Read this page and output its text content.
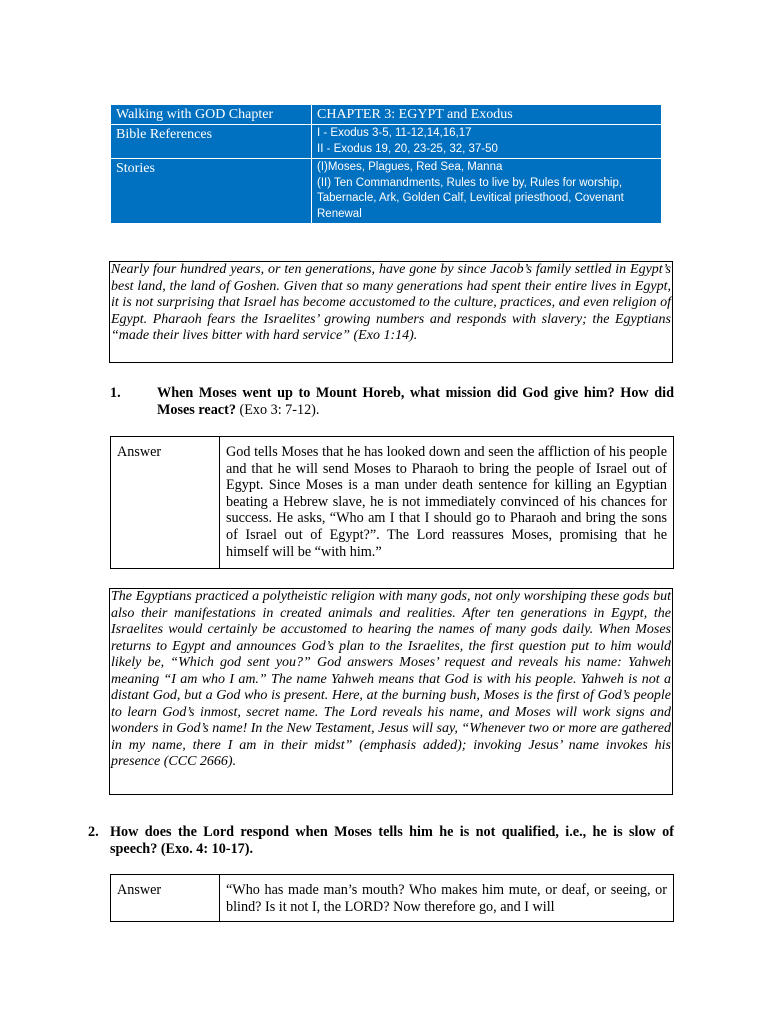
Walking with GOD Chapter	CHAPTER 3: EGYPT and Exodus
Bible References	I - Exodus 3-5, 11-12,14,16,17
II - Exodus 19, 20, 23-25, 32, 37-50

Stories	(I)Moses, Plagues, Red Sea, Manna
(II) Ten Commandments, Rules to live by, Rules for worship,
Tabernacle, Ark, Golden Calf, Levitical priesthood, Covenant
Renewal
Nearly four hundred years, or ten generations, have gone by since Jacob’s family settled in Egypt’s best land, the land of Goshen. Given that so many generations had spent their entire lives in Egypt, it is not surprising that Israel has become accustomed to the culture, practices, and even religion of Egypt. Pharaoh fears the Israelites’ growing numbers and responds with slavery; the Egyptians “made their lives bitter with hard service” (Exo 1:14).
1.	When Moses went up to Mount Horeb, what mission did God give him? How did Moses react? (Exo 3: 7-12).
Answer	God tells Moses that he has looked down and seen the affliction of his people and that he will send Moses to Pharaoh to bring the people of Israel out of Egypt. Since Moses is a man under death sentence for killing an Egyptian beating a Hebrew slave, he is not immediately convinced of his chances for success. He asks, “Who am I that I should go to Pharaoh and bring the sons of Israel out of Egypt?”. The Lord reassures Moses, promising that he himself will be “with him.”
The Egyptians practiced a polytheistic religion with many gods, not only worshiping these gods but also their manifestations in created animals and realities. After ten generations in Egypt, the Israelites would certainly be accustomed to hearing the names of many gods daily. When Moses returns to Egypt and announces God’s plan to the Israelites, the first question put to him would likely be, “Which god sent you?” God answers Moses’ request and reveals his name: Yahweh meaning “I am who I am.” The name Yahweh means that God is with his people. Yahweh is not a distant God, but a God who is present. Here, at the burning bush, Moses is the first of God’s people to learn God’s inmost, secret name. The Lord reveals his name, and Moses will work signs and wonders in God’s name! In the New Testament, Jesus will say, “Whenever two or more are gathered in my name, there I am in their midst” (emphasis added); invoking Jesus’ name invokes his presence (CCC 2666).
2. How does the Lord respond when Moses tells him he is not qualified, i.e., he is slow of speech? (Exo. 4: 10-17).
Answer	“Who has made man’s mouth? Who makes him mute, or deaf, or seeing, or blind? Is it not I, the LORD? Now therefore go, and I will
